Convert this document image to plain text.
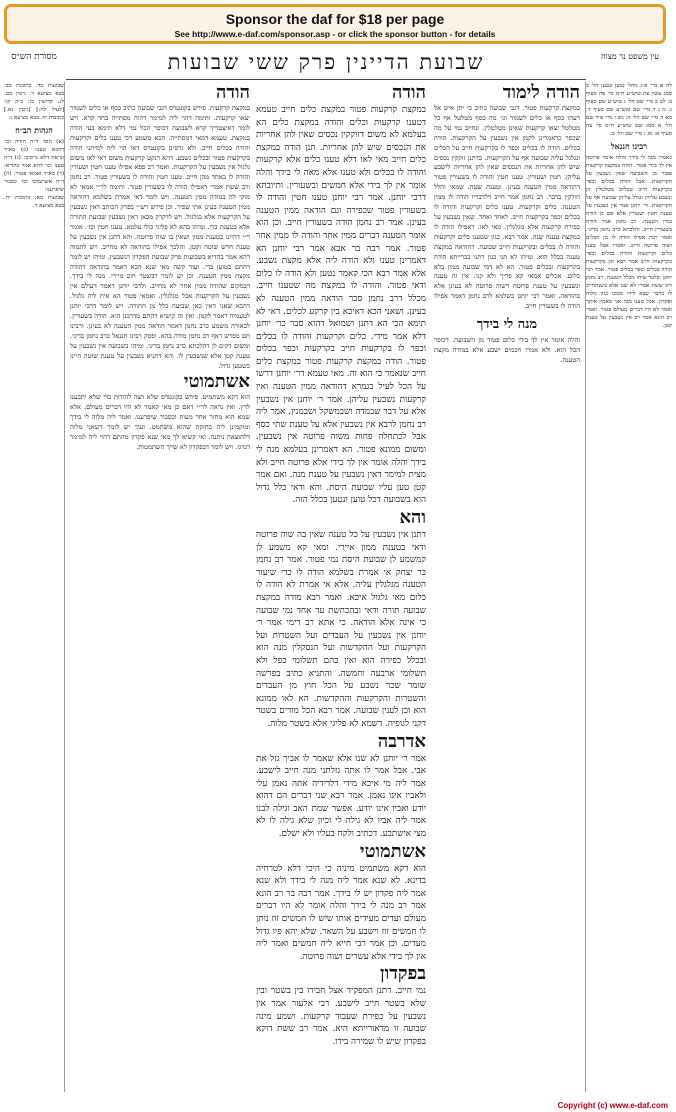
Sponsor the daf for $18 per page
See http://www.e-daf.com/sponsor.asp - or click the sponsor button - for details
עין משפט נר מצוה
שבועת הדיינין פרק ששי שבועות
מסורת הש״ס
לח א מיי׳ פ״ג מהל׳ טוען ונטען הל׳ ב סמג עשין צה טוש״ע ח״מ סי׳ פח סעיף ב: לט ב מיי׳ שם הל׳ ג טוש״ע שם סעיף ג: מ ג ד מיי׳ שם טוש״ע שם סעיף ד: מא ה מיי׳ שם הל׳ ה: מב ו מיי׳ פ״ד שם הל׳ א סמג שם טוש״ע ח״מ סי׳ צה סעיף א: מג ז מיי׳ שם הל׳ ב:
רבינו חננאל
כאמרו מנה לי בידך והלה אומר פרוטה אין לך בידי פטור. הודה במקצת קרקעות פטור מן השבועה שאין נשבעין על הקרקעות. אבל הודה בכלים וכפר בקרקעות חייב שכלים מטלטלין הן ונשבע עליהן ונגלל עליהן שבועה אף על הקרקעות. ור׳ יוחנן אמר אין נשבעין על טענת חטין ושעורין אלא אם כן הודה במין הטענה. רב נחמן אמר הודה בשעורין חייב. והלכתא כרב נחמן בדיני. ואמר רבה אפילו הודה לו מן הכלים ושוה פרוטה חייב. ואמרו אבל טענו כלים וקרקעות והודה בכלים וכפר בקרקעות חייב אמר רבא וכן בקרקעות הודה בכלים וכפר בכלים פטור. אמר רבי יוחנן ובלבד שיהו מכלל הטענה. רב נחמן ורב ששת אמרי לא שנו אלא בשנתחייב לו בדבר שבא לידו ממונו כגון מלוה ופקדון. אבל טענו מנה אני מאמין אותך ואמר לא היו דברים מעולם פטור. ואמר רב הונא אמר רב אין נשבעין על טענת קטן.
הודה לימוד
במקצת קרקעות פטור. דגבי שבועה כתיב כי יתן איש אל רעהו כסף או כלים לשמור וגו׳ מה כסף מטלטל אף כל מטלטל יצאו קרקעות שאינן מטלטלין. ונחייב נמי על מה שכפר כדאמרינן לקמן אין נשבעין על הקרקעות. הודה בכלים. הודה לו בכלים וכפר לו בקרקעות חייב על הכלים ונגלגל עליה שבועה אף על הקרקעות. כדתנן זוקקין נכסים שיש להן אחריות את הנכסים שאין להן אחריות לישבע עליהן. חטין ושעורין. טענו חטין והודה לו בשעורין פטור דהודאה ממין הטענה בעינן. וטענת שטה. שמאי והלל חולקין בדבר. רב נחמן אמר חייב דלדבריו הודה לו ממין הטענה. כלים וקרקעות. טענו כלים וקרקעות והודה לו בכלים וכפר בקרקעות חייב. לאחד ואחד. שאין נשבעין על כפירת קרקעות אלא מגלגלין. מאי לאו. דאפילו הודה לו במקצת טענה שנה. אמר רבא. כגון שטענו כלים וקרקעות והודה לו בכלים ובקרקעות חייב שבועה. דהודאה במקצת טענה בכלל הוא. ומיהו לא תני כגון דתני בברייתא הודה בקרקעות ובכלים פטור. הא לא דמי שבועה ממון בלא כלום. אכלים אמאי קא פריך ולא קני. אין זה טענה ונשבעין על טענת פרוטה דשוה פרוטה לא בעינן אלא בהודאה. ואמר רבי יוחנן בשלמא לרב נחמן דאמר אפילו הודה לו בשעורין חייב.
מנה לי בידך
והלה אומר אין לך בידי כלום פטור מן השבועה. דכופר הכל הוא. ולא אמרו חכמים ישבע אלא במודה מקצת הטענה.
הודה
במקצת קרקעות פטור במקצת כלים חייב טעמא דטענו קרקעות וכלים והודה במקצת כלים הא בעלמא לא משום דזוקקין נכסים שאין להן אחריות את הנכסים שיש להן אחריות. תנן הודה במקצת כלים חייב מאי לאו דלא טענו כלים אלא קרקעות והודה לו בכלים ולא טענו אלא מאה לי בידך והלה אומר אין לך בידי אלא חמשים ובשעורין. ותיובתא דרבי יוחנן. אמר רבי יוחנן טענו חטין והודה לו בשעורין פטור שכפירה וגם הודאה ממין הטענה בעינן. אמר רב נחמן הודה בשעורין חייב. וכן הוא אומר הטענה דברים ממין אחד והודה לו ממין אחר פטור. אמר רבה בר אבא אמר רבי יוחנן הא דאמרינן טענו ולא הודה ליה אלא מקצת נשבע. אלא אמר רבא הכי קאמר נטען ולא הודה לו כלום ודאי פטור. והודה לו במקצת מה שטענו חייב. מכלל דרב נחמן סבר הודאה ממין הטענה לא בעינן. ושאני הכא דאיכא בין קרקע לכלים. דאי לא תימא הכי הא דתנן ושמואל דהוא סבר כר׳ יוחנן דלא אמר מידי. כלים וקרקעות והודה לו בכלים וכפר לו בקרקעות חייב בקרקעות וכפר בכלים פטור. הודה במקצת קרקעות פטור במקצת כלים חייב שנאמר כי הוא זה. מאי טעמא דר׳ יוחנן דרשו על הכל לעיל בגמרא דהודאה ממין הטענה ואין קרקעות נשבעין עליהן. אמר ר׳ יוחנן אין נשבעין אלא על דבר שבמדה ושבמשקל ושבמנין. אמר ליה רב נחמן לרבא אין נשבעין אלא על טענת שתי כסף אבל לכתחלה פחות משוה פרוטה אין נשבעין. ומשום ממונא פטור. הא דאמרינן בעלמא מנה לי בידך והלה אומר אין לך בידי אלא פרוטה חייב ולא מצית למימר דאין נשבעין על טענת מנה. ואם אמר קטן טען עליו שבועת היסת. והא ודאי כלל גדול הוא בשבועה דכל טוען ונטען בכלל הזה.
והא
דתנן אין נשבעין על כל טענה שאין בה שוה פרוטה ודאי בטענת ממון איירי. ומאי קא משמע לן קמשמע לן שבועת היסת נמי פטור. אמר רב נחמן בר יצחק אי אמרת בשלמא הודה לו כדי שיעור הטענה מגלגלין עליה. אלא אי אמרת לא הודה לו כלום מאי גלגול איכא. ואמר רבא מודה במקצת שבועה תורה ודאי ובהכחשת עד אחד נמי שבועה כי אינה אלא הודאה. כי אתא רב דימי אמר ר׳ יוחנן אין נשבעין על העבדים ועל השטרות ועל הקרקעות ועל ההקדשות ועל הנסקלין מנה הוא ובכלל כפירה הוא ואין בהם תשלומי כפל ולא תשלומי ארבעה וחמשה. והתניא כתיב בפרשה שומר שכר נשבע על הכל חוץ מן העבדים והשטרות והקרקעות וההקדשות. הא לאו ממונא הוא וכן לענין שבועה. אמר רבא הכל מודים בשטר דקני לגופיה. דשמא לא פליגי אלא בשטר מלוה.
אדרבה
אמר ר׳ יוחנן לא שנו אלא שאמר לו אביך גזל את אבי. אבל אמר לו אתה גזלתני מנה חייב לישבע. אמר ליה מי איכא מידי דלדידיה אתה נאמן עלי ולאביו אינו נאמן. אמר רבא שני דברים הם דהוא יודע ואביו אינו יודע. אפשר שמת האב וגילה לבנו אמר ליה אביו לא גילה לי וכיון שלא גילה לו לא מצי אישתבע. דכתיב ולקח בעליו ולא ישלם.
אשתמוטי
הוא דקא משתמיט מיניה כי היכי דלא לטרחיה בדינא. לא שנא אמר ליה מנה לי בידך ולא שנא אמר ליה פקדון יש לי בידך. אמר רבה בר רב הונא אמר רב מנה לי בידך והלה אומר לא היו דברים מעולם ועדים מעידים אותו שיש לו חמשים זוז נותן לו חמשים זוז וישבע על השאר. שלא יהא פיו גדול מעדים. וכן אמר רבי חייא ליה חמשים ואמר ליה אין לך בידי אלא עשרים ושוה פרוטה.
בפקדון
נמי חייב. דתנן המפקיד אצל חבירו בין בשטר ובין שלא בשטר חייב לישבע. רבי אלעזר אמר אין נשבעין על כפירת שעבוד קרקעות. ושמע מינה שבועה זו מדאורייתא היא. אמר רב ששת דוקא בפקדון שיש לו שמירה בידו.
הודה
במקצת קרקעות. פירש בקונטרס דגבי שבועה כתיב כסף או כלים לשמור יצאו קרקעות. ותימה דהוי ליה למימר דהוה מסתייה בחד קרא. ויש לומר דאיצטריך קרא לשבועה דכופר הכל נמי דלא תימא בעי הודה במקצת. טעמא דמאי דמסתייה. הכא משמע דכי טענו כלים וקרקעות והודה בכלים חייב. ולא גרסינן בקונטרס דאי הוי ליה למיתני הודה בקרקעות פטור ובכלים נשבע. דהא דנקט קרקעות משום דאי לאו משום גלגול אין נשבעין על הקרקעות. ואמר רב פפא אפילו טענו חטין ושעורין והודה לו באחד מהן חייב. טענו חטין והודה לו בשעורין פטור. רב נחמן ורב ששת אמרי דאפילו הודה לו בשעורין פטור. ותימה לר״י אמאי לא מוקי לה במודה ממין הטענה. ויש לומר דאי אמרת בשלמא דהודאה ממין הטענה בעינן אתי שפיר. וכן פירש רש״י בפרק הכותב דאין נשבעין על הקרקעות אלא בגלגול. ויש לדקדק מכאן דאין נשבעין שבועת התורה אלא בטענת ברי. ומיהו בהא לא פליגי כולי עלמא. טענו חטין וכו׳. אומר ר״י דהיינו בטענת ממון ושאין בו שוה פרוטה. והא דתנן אין נשבעין על טענת חרש שוטה וקטן. והלכך אפילו בהודאה לא מחייב. ויש לתמוה דהא אמר בהדיא בשבועות פרק שבועת הפקדון דנשבעין. ומיהו יש לומר דהתם בטוען ברי. ועוד קשה מאי שנא הכא דאמר בהודאה דהודה מקצת ממין הטענה. וכן יש לומר דבשטר חוב מיירי. מנה לי בידך. דבמקום שהודה ממין אחר לא מחייב. ולרבי יוחנן דאמר דעולם אין נשבעין על הקרקעות אבל מגלגלין. ואמאי פטור הא אית ליה גלגול. דהכא שאני דאין כאן שבועה כלל מן התורה. ויש לומר דרבי יוחנן לטעמיה דאמר לקמן. ואין זה קושיא דהתם מדרבנן הוא. הודה בשעורין. לכאורה משמע כרב נחמן דאמר הודאה ממין הטענה לא בעינן. ורבינו תם מפרש דאף רב נחמן מודה בהא. ופסק רבינו חננאל כרב נחמן בדיני. ומשום דקים לן דהלכתא כרב נחמן בדיני. ומיהו בשבועה אין נשבעין על טענת קטן אלא שנשבעין לו. והא דתניא נשבעין על טענת שוטה היינו כשטען גדול.
אשתמוטי
הוא דקא משתמיט. פירש בקונטרס שלא רצה להודות כדי שלא יתבענו לדין. ואין נראה לר״י דאם כן מאי קאמר לא היו דברים מעולם. אלא שמא הוא מחזר אחר מעות וכסבור שיפרענו. ואמר ליה מלוה לי בידך ומוקמינן ליה בחזקת שהוא משתמט. ועוד יש לומר דשאני מלוה דלהוצאה ניתנה. ואי קשיא לך מאי שנא פקדון מהתם דהוי ליה למימר דמיגו. ויש לומר דבפקדון לא שייך השתמטות.
שבועות מד. כתובות מב: בבא מציעא ד. גיטין מט. לג. קדושין כו: ב״ק קו: [לעיל לח:] [גיטין נא.] כתובות יח. בבא מציעא ג:
הגהות הב״ח
(א) תוס׳ ד״ה הודה וכו׳ דהכא טענו: (ב) בא״ד ונראה דלא גרסינן: (ג) ד״ה טענו וכו׳ דהא אמר בהדיא: (ד) בא״ד ואמאי פטור: (ה) ד״ה אשתמוטי וכו׳ כסבור שיפרענו:
שבועות מא: כתובות יח. בבא מציעא ד.
Copyright (c) www.e-daf.com
